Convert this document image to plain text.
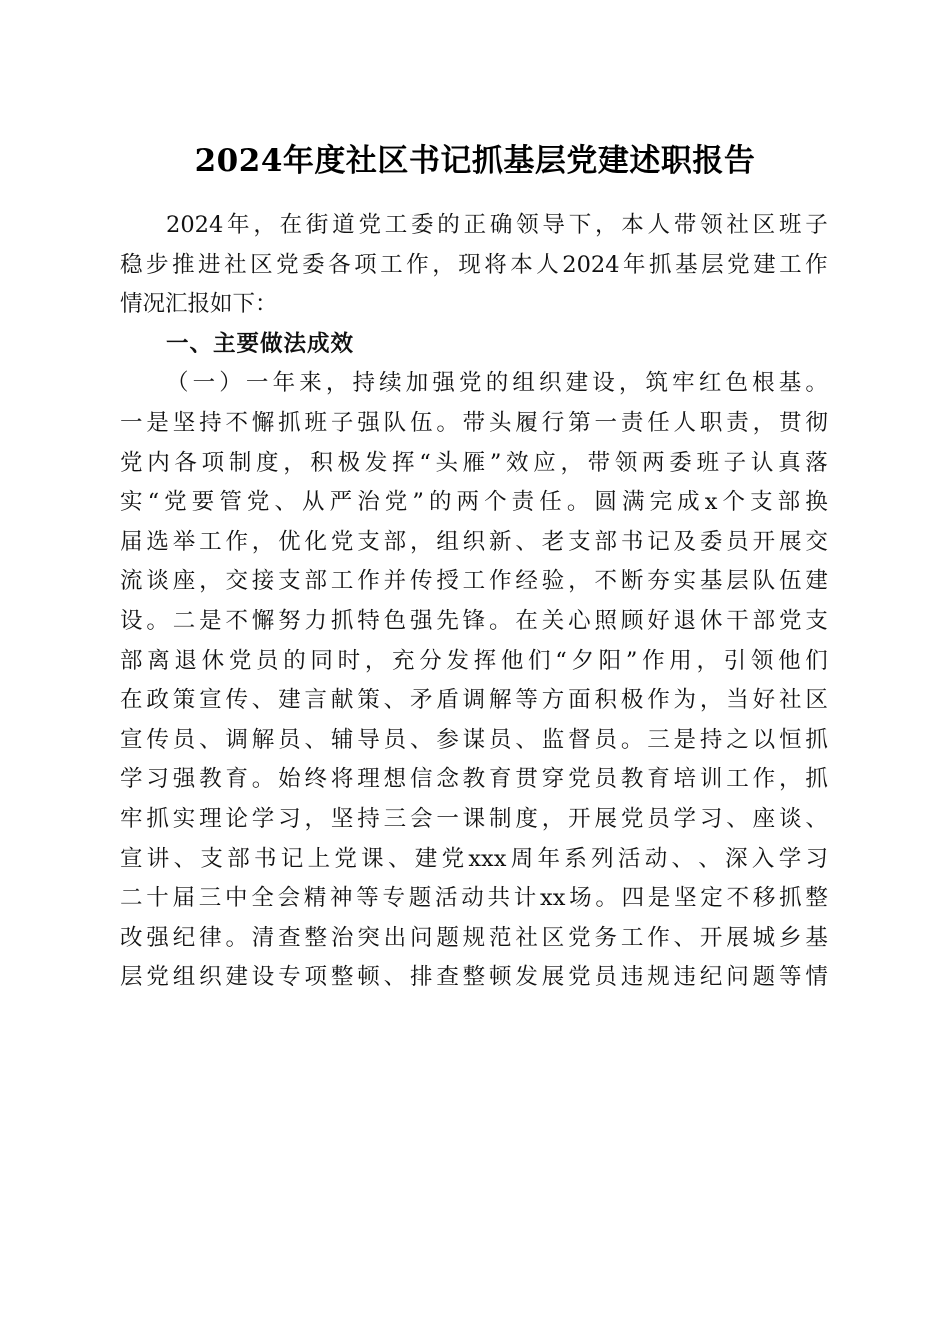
2024年度社区书记抓基层党建述职报告
2024 年 ， 在 街 道 党 工 委 的 正 确 领 导 下 ， 本 人 带 领 社 区 班 子
稳 步 推 进 社 区 党 委 各 项 工 作 ， 现 将 本 人 2024 年 抓 基 层 党 建 工 作
情况汇报如下：
一、主要做法成效
（ 一 ） 一 年 来 ， 持 续 加 强 党 的 组 织 建 设 ， 筑 牢 红 色 根 基 。
一 是 坚 持 不 懈 抓 班 子 强 队 伍 。 带 头 履 行 第 一 责 任 人 职 责 ， 贯 彻
党 内 各 项 制 度 ， 积 极 发 挥 “ 头 雁 ” 效 应 ， 带 领 两 委 班 子 认 真 落
实 “ 党 要 管 党 、 从 严 治 党 ” 的 两 个 责 任 。 圆 满 完 成 x 个 支 部 换
届 选 举 工 作 ， 优 化 党 支 部 ， 组 织 新 、 老 支 部 书 记 及 委 员 开 展 交
流 谈 座 ， 交 接 支 部 工 作 并 传 授 工 作 经 验 ， 不 断 夯 实 基 层 队 伍 建
设 。 二 是 不 懈 努 力 抓 特 色 强 先 锋 。 在 关 心 照 顾 好 退 休 干 部 党 支
部 离 退 休 党 员 的 同 时 ， 充 分 发 挥 他 们 “ 夕 阳 ” 作 用 ， 引 领 他 们
在 政 策 宣 传 、 建 言 献 策 、 矛 盾 调 解 等 方 面 积 极 作 为 ， 当 好 社 区
宣 传 员 、 调 解 员 、 辅 导 员 、 参 谋 员 、 监 督 员 。 三 是 持 之 以 恒 抓
学 习 强 教 育 。 始 终 将 理 想 信 念 教 育 贯 穿 党 员 教 育 培 训 工 作 ， 抓
牢 抓 实 理 论 学 习 ， 坚 持 三 会 一 课 制 度 ， 开 展 党 员 学 习 、 座 谈 、
宣 讲 、 支 部 书 记 上 党 课 、 建 党 xxx 周 年 系 列 活 动 、 、 深 入 学 习
二 十 届 三 中 全 会 精 神 等 专 题 活 动 共 计 xx 场 。 四 是 坚 定 不 移 抓 整
改 强 纪 律 。 清 查 整 治 突 出 问 题 规 范 社 区 党 务 工 作 、 开 展 城 乡 基
层 党 组 织 建 设 专 项 整 顿 、 排 查 整 顿 发 展 党 员 违 规 违 纪 问 题 等 情
